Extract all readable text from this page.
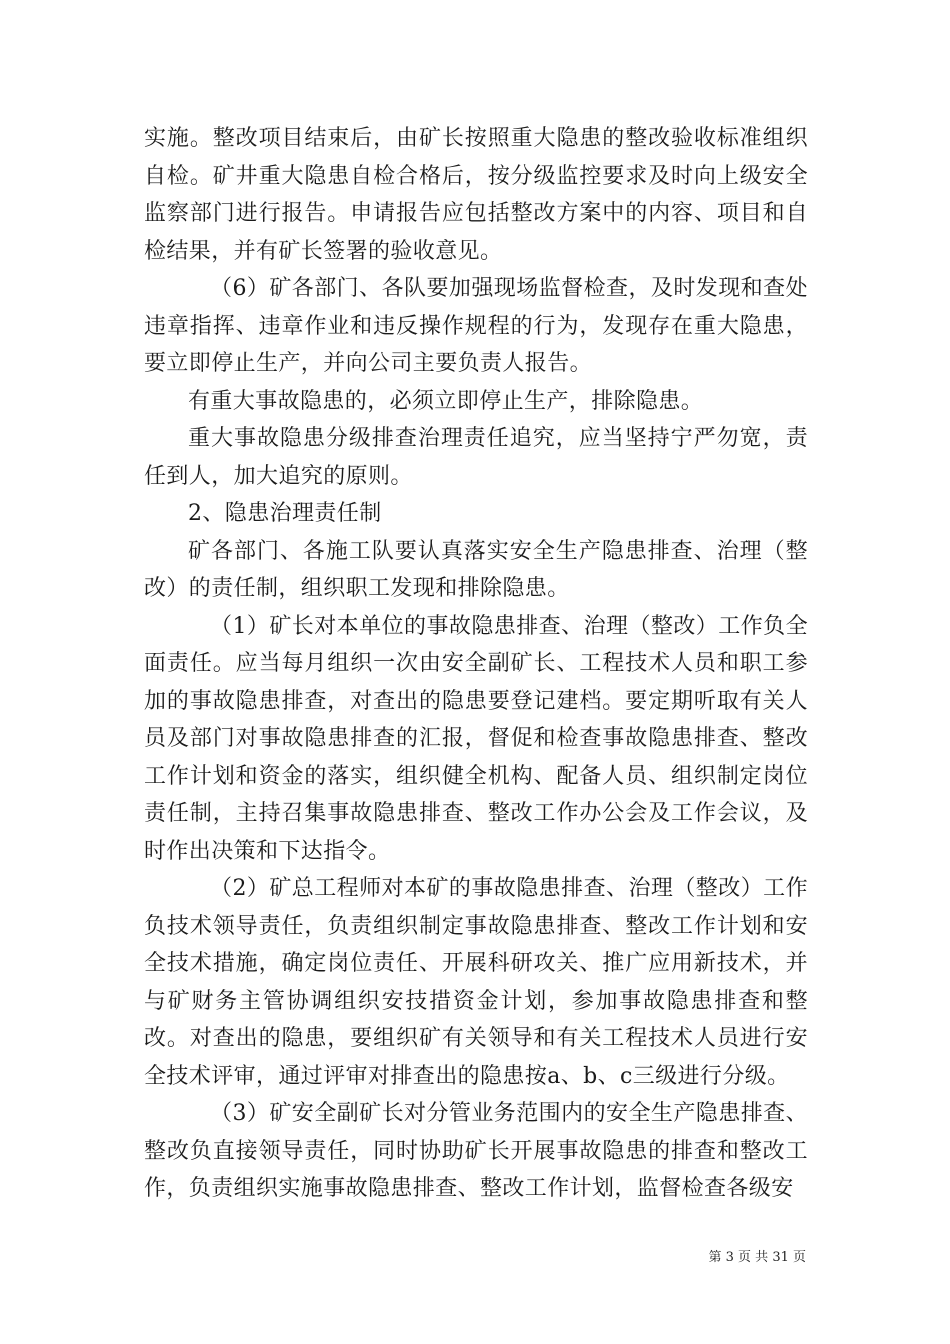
实施。整改项目结束后，由矿长按照重大隐患的整改验收标准组织自检。矿井重大隐患自检合格后，按分级监控要求及时向上级安全监察部门进行报告。申请报告应包括整改方案中的内容、项目和自检结果，并有矿长签署的验收意见。

（6）矿各部门、各队要加强现场监督检查，及时发现和查处违章指挥、违章作业和违反操作规程的行为，发现存在重大隐患，要立即停止生产，并向公司主要负责人报告。

有重大事故隐患的，必须立即停止生产，排除隐患。

重大事故隐患分级排查治理责任追究，应当坚持宁严勿宽，责任到人，加大追究的原则。

2、隐患治理责任制

矿各部门、各施工队要认真落实安全生产隐患排查、治理（整改）的责任制，组织职工发现和排除隐患。

（1）矿长对本单位的事故隐患排查、治理（整改）工作负全面责任。应当每月组织一次由安全副矿长、工程技术人员和职工参加的事故隐患排查，对查出的隐患要登记建档。要定期听取有关人员及部门对事故隐患排查的汇报，督促和检查事故隐患排查、整改工作计划和资金的落实，组织健全机构、配备人员、组织制定岗位责任制，主持召集事故隐患排查、整改工作办公会及工作会议，及时作出决策和下达指令。

（2）矿总工程师对本矿的事故隐患排查、治理（整改）工作负技术领导责任，负责组织制定事故隐患排查、整改工作计划和安全技术措施，确定岗位责任、开展科研攻关、推广应用新技术，并与矿财务主管协调组织安技措资金计划，参加事故隐患排查和整改。对查出的隐患，要组织矿有关领导和有关工程技术人员进行安全技术评审，通过评审对排查出的隐患按a、b、c三级进行分级。

（3）矿安全副矿长对分管业务范围内的安全生产隐患排查、整改负直接领导责任，同时协助矿长开展事故隐患的排查和整改工作，负责组织实施事故隐患排查、整改工作计划，监督检查各级安

第 3 页 共 31 页
